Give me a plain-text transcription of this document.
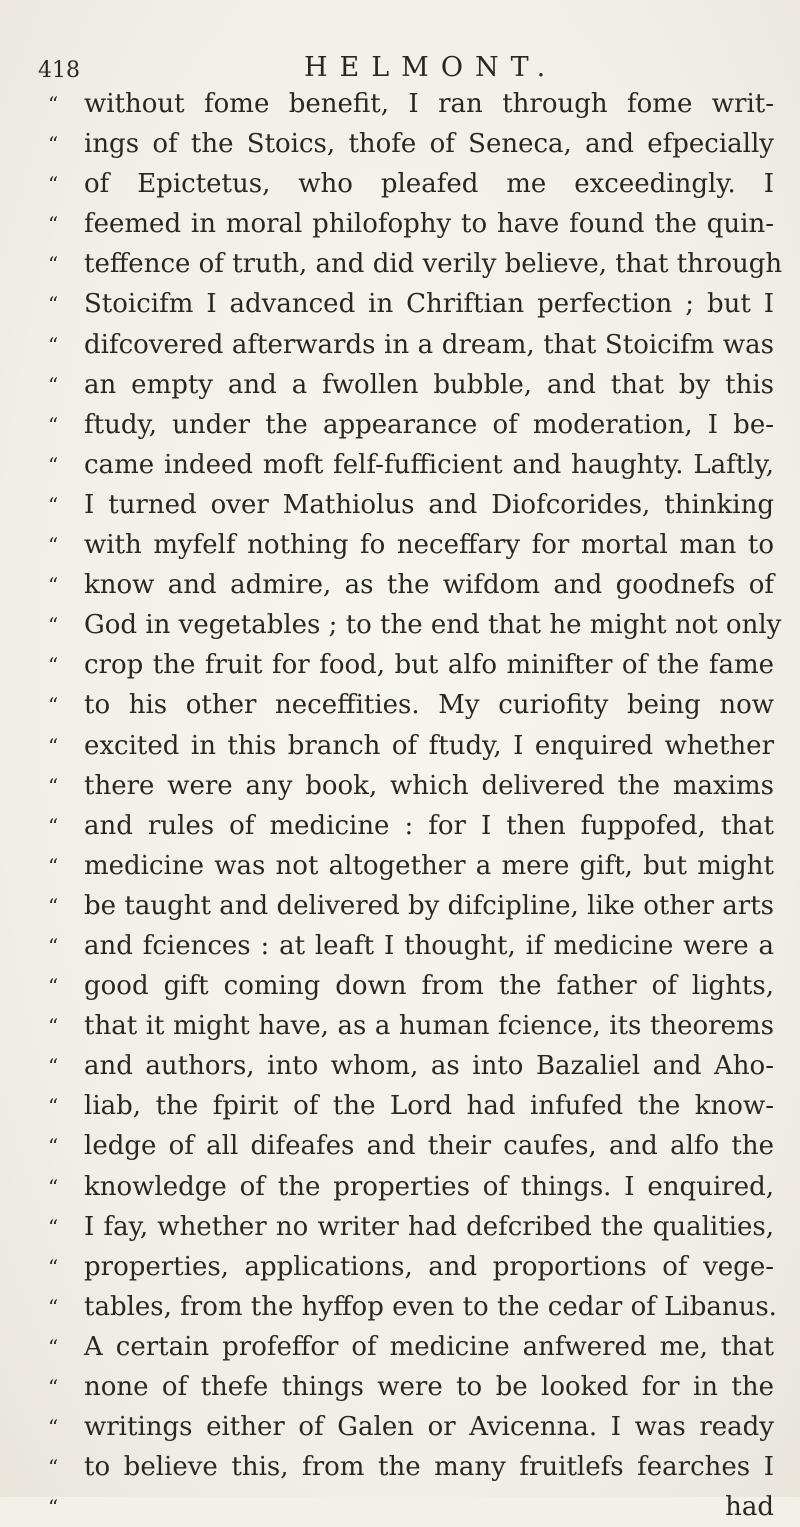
418	HELMONT.
“ without fome benefit, I ran through fome writ-
“ ings of the Stoics, thofe of Seneca, and efpecially
“ of Epictetus, who pleafed me exceedingly. I
“ feemed in moral philofophy to have found the quin-
“ teffence of truth, and did verily believe, that through
“ Stoicifm I advanced in Chriftian perfection ; but I
“ difcovered afterwards in a dream, that Stoicifm was
“ an empty and a fwollen bubble, and that by this
“ ftudy, under the appearance of moderation, I be-
“ came indeed moft felf-fufficient and haughty. Laftly,
“ I turned over Mathiolus and Diofcorides, thinking
“ with myfelf nothing fo neceffary for mortal man to
“ know and admire, as the wifdom and goodnefs of
“ God in vegetables ; to the end that he might not only
“ crop the fruit for food, but alfo minifter of the fame
“ to his other neceffities. My curiofity being now
“ excited in this branch of ftudy, I enquired whether
“ there were any book, which delivered the maxims
“ and rules of medicine : for I then fuppofed, that
“ medicine was not altogether a mere gift, but might
“ be taught and delivered by difcipline, like other arts
“ and fciences : at leaft I thought, if medicine were a
“ good gift coming down from the father of lights,
“ that it might have, as a human fcience, its theorems
“ and authors, into whom, as into Bazaliel and Aho-
“ liab, the fpirit of the Lord had infufed the know-
“ ledge of all difeafes and their caufes, and alfo the
“ knowledge of the properties of things. I enquired,
“ I fay, whether no writer had defcribed the qualities,
“ properties, applications, and proportions of vege-
“ tables, from the hyffop even to the cedar of Libanus.
“ A certain profeffor of medicine anfwered me, that
“ none of thefe things were to be looked for in the
“ writings either of Galen or Avicenna. I was ready
“ to believe this, from the many fruitlefs fearches I
“	had
